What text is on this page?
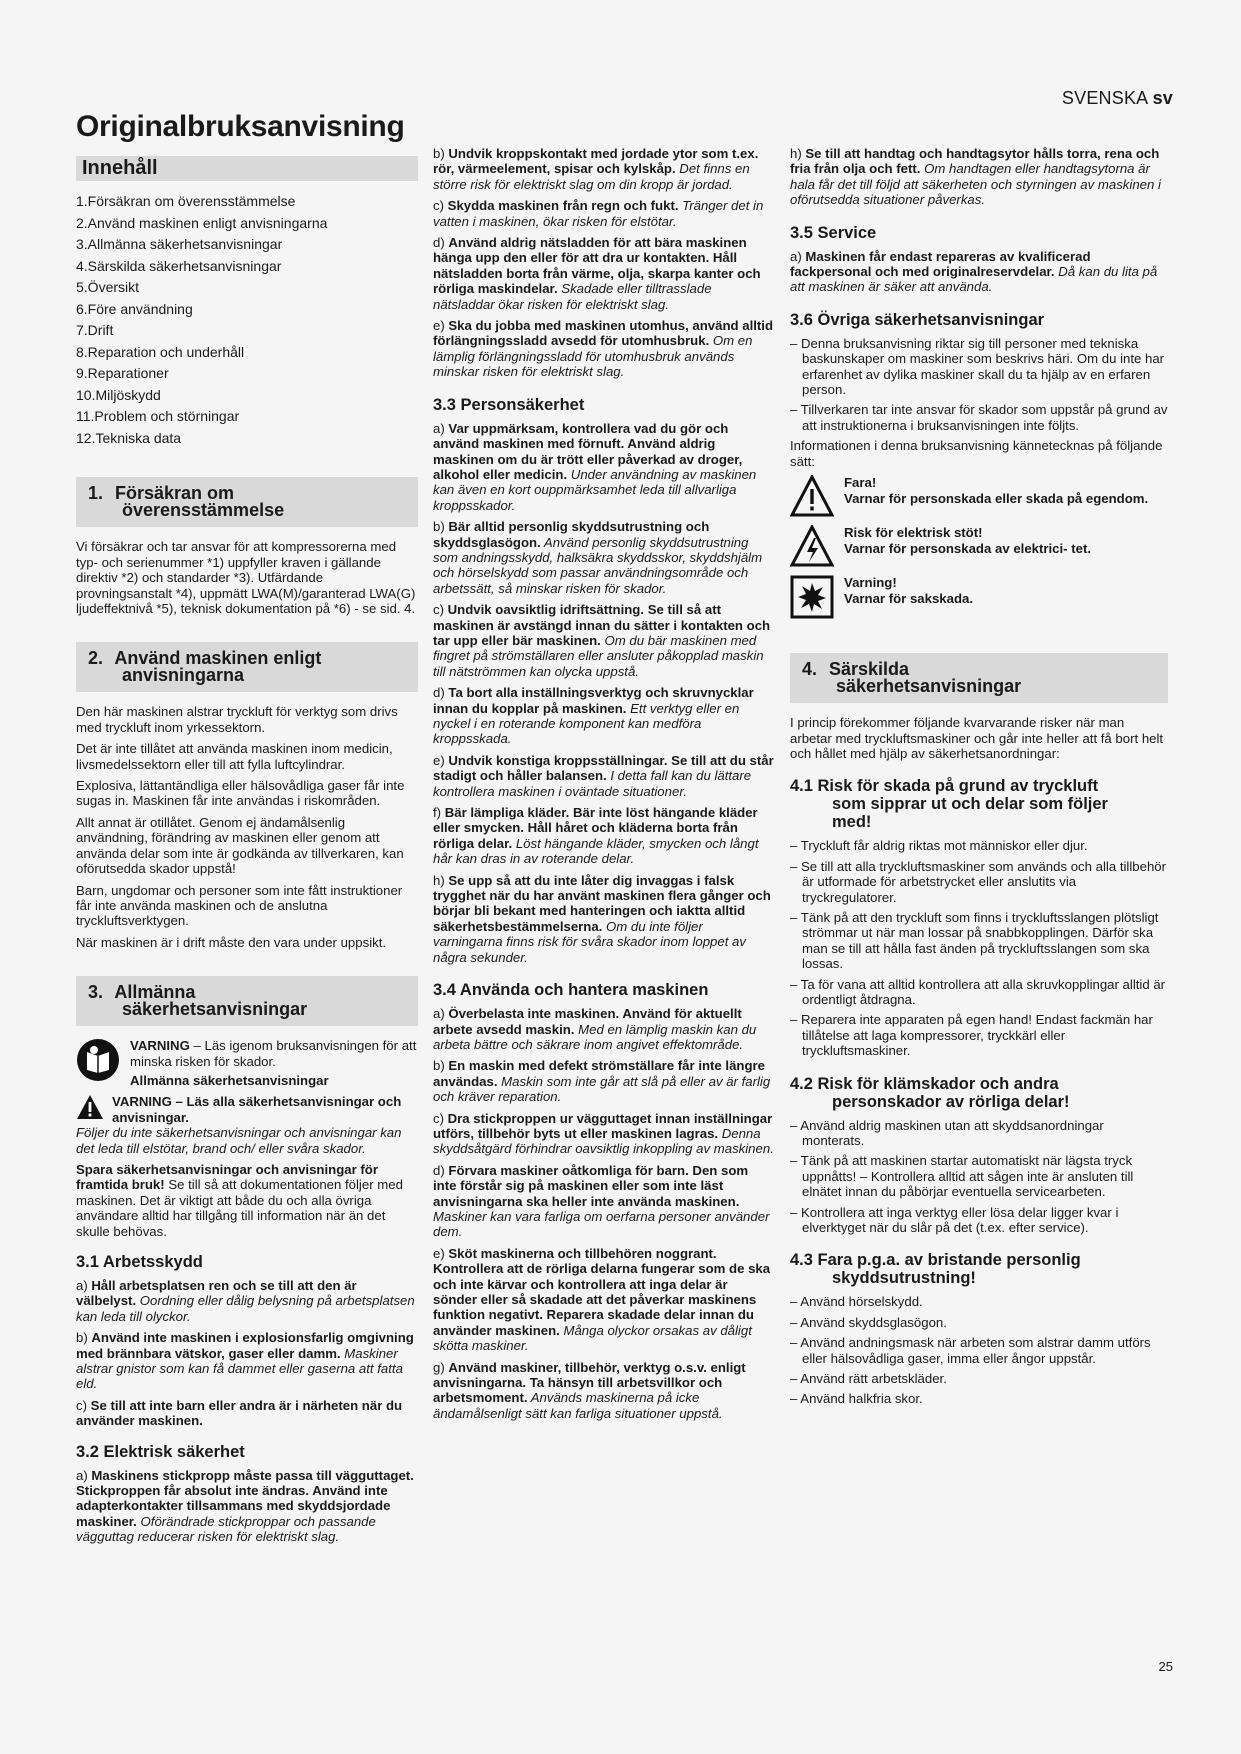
SVENSKA sv
Originalbruksanvisning
Innehåll
1.Försäkran om överensstämmelse
2.Använd maskinen enligt anvisningarna
3.Allmänna säkerhetsanvisningar
4.Särskilda säkerhetsanvisningar
5.Översikt
6.Före användning
7.Drift
8.Reparation och underhåll
9.Reparationer
10.Miljöskydd
11.Problem och störningar
12.Tekniska data
1. Försäkran om
överensstämmelse
Vi försäkrar och tar ansvar för att kompressorerna med typ- och serienummer *1) uppfyller kraven i gällande direktiv *2) och standarder *3). Utfärdande provningsanstalt *4), uppmätt LWA(M)/garanterad LWA(G) ljudeffektnivå *5), teknisk dokumentation på *6) - se sid. 4.
2. Använd maskinen enligt
anvisningarna
Den här maskinen alstrar tryckluft för verktyg som drivs med tryckluft inom yrkessektorn.
Det är inte tillåtet att använda maskinen inom medicin, livsmedelssektorn eller till att fylla luftcylindrar.
Explosiva, lättantändliga eller hälsovådliga gaser får inte sugas in. Maskinen får inte användas i riskområden.
Allt annat är otillåtet. Genom ej ändamålsenlig användning, förändring av maskinen eller genom att använda delar som inte är godkända av tillverkaren, kan oförutsedda skador uppstå!
Barn, ungdomar och personer som inte fått instruktioner får inte använda maskinen och de anslutna tryckluftsverktygen.
När maskinen är i drift måste den vara under uppsikt.
3. Allmänna
säkerhetsanvisningar
VARNING – Läs igenom bruksanvisningen för att minska risken för skador.
Allmänna säkerhetsanvisningar
VARNING – Läs alla säkerhetsanvisningar och anvisningar.
Följer du inte säkerhetsanvisningar och anvisningar kan det leda till elstötar, brand och/ eller svåra skador.
Spara säkerhetsanvisningar och anvisningar för framtida bruk! Se till så att dokumentationen följer med maskinen. Det är viktigt att både du och alla övriga användare alltid har tillgång till information när än det skulle behövas.
3.1 Arbetsskydd
a) Håll arbetsplatsen ren och se till att den är välbelyst. Oordning eller dålig belysning på arbetsplatsen kan leda till olyckor.
b) Använd inte maskinen i explosionsfarlig omgivning med brännbara vätskor, gaser eller damm. Maskiner alstrar gnistor som kan få dammet eller gaserna att fatta eld.
c) Se till att inte barn eller andra är i närheten när du använder maskinen.
3.2 Elektrisk säkerhet
a) Maskinens stickpropp måste passa till vägguttaget. Stickproppen får absolut inte ändras. Använd inte adapterkontakter tillsammans med skyddsjordade maskiner. Oförändrade stickproppar och passande vägguttag reducerar risken för elektriskt slag.
b) Undvik kroppskontakt med jordade ytor som t.ex. rör, värmeelement, spisar och kylskåp. Det finns en större risk för elektriskt slag om din kropp är jordad.
c) Skydda maskinen från regn och fukt. Tränger det in vatten i maskinen, ökar risken för elstötar.
d) Använd aldrig nätsladden för att bära maskinen hänga upp den eller för att dra ur kontakten. Håll nätsladden borta från värme, olja, skarpa kanter och rörliga maskindelar. Skadade eller tilltrasslade nätsladdar ökar risken för elektriskt slag.
e) Ska du jobba med maskinen utomhus, använd alltid förlängningssladd avsedd för utomhusbruk. Om en lämplig förlängningssladd för utomhusbruk används minskar risken för elektriskt slag.
3.3 Personsäkerhet
a) Var uppmärksam, kontrollera vad du gör och använd maskinen med förnuft. Använd aldrig maskinen om du är trött eller påverkad av droger, alkohol eller medicin. Under användning av maskinen kan även en kort ouppmärksamhet leda till allvarliga kroppsskador.
b) Bär alltid personlig skyddsutrustning och skyddsglasögon. Använd personlig skyddsutrustning som andningsskydd, halksäkra skyddsskor, skyddshjälm och hörselskydd som passar användningsområde och arbetssätt, så minskar risken för skador.
c) Undvik oavsiktlig idriftsättning. Se till så att maskinen är avstängd innan du sätter i kontakten och tar upp eller bär maskinen. Om du bär maskinen med fingret på strömställaren eller ansluter påkopplad maskin till nätströmmen kan olycka uppstå.
d) Ta bort alla inställningsverktyg och skruvnycklar innan du kopplar på maskinen. Ett verktyg eller en nyckel i en roterande komponent kan medföra kroppsskada.
e) Undvik konstiga kroppsställningar. Se till att du står stadigt och håller balansen. I detta fall kan du lättare kontrollera maskinen i oväntade situationer.
f) Bär lämpliga kläder. Bär inte löst hängande kläder eller smycken. Håll håret och kläderna borta från rörliga delar. Löst hängande kläder, smycken och långt hår kan dras in av roterande delar.
h) Se upp så att du inte låter dig invaggas i falsk trygghet när du har använt maskinen flera gånger och börjar bli bekant med hanteringen och iaktta alltid säkerhetsbestämmelserna. Om du inte följer varningarna finns risk för svåra skador inom loppet av några sekunder.
3.4 Använda och hantera maskinen
a) Överbelasta inte maskinen. Använd för aktuellt arbete avsedd maskin. Med en lämplig maskin kan du arbeta bättre och säkrare inom angivet effektområde.
b) En maskin med defekt strömställare får inte längre användas. Maskin som inte går att slå på eller av är farlig och kräver reparation.
c) Dra stickproppen ur vägguttaget innan inställningar utförs, tillbehör byts ut eller maskinen lagras. Denna skyddsåtgärd förhindrar oavsiktlig inkoppling av maskinen.
d) Förvara maskiner oåtkomliga för barn. Den som inte förstår sig på maskinen eller som inte läst anvisningarna ska heller inte använda maskinen. Maskiner kan vara farliga om oerfarna personer använder dem.
e) Sköt maskinerna och tillbehören noggrant. Kontrollera att de rörliga delarna fungerar som de ska och inte kärvar och kontrollera att inga delar är sönder eller så skadade att det påverkar maskinens funktion negativt. Reparera skadade delar innan du använder maskinen. Många olyckor orsakas av dåligt skötta maskiner.
g) Använd maskiner, tillbehör, verktyg o.s.v. enligt anvisningarna. Ta hänsyn till arbetsvillkor och arbetsmoment. Används maskinerna på icke ändamålsenligt sätt kan farliga situationer uppstå.
h) Se till att handtag och handtagsytor hålls torra, rena och fria från olja och fett. Om handtagen eller handtagsytorna är hala får det till följd att säkerheten och styrningen av maskinen i oförutsedda situationer påverkas.
3.5 Service
a) Maskinen får endast repareras av kvalificerad fackpersonal och med originalreservdelar. Då kan du lita på att maskinen är säker att använda.
3.6 Övriga säkerhetsanvisningar
– Denna bruksanvisning riktar sig till personer med tekniska baskunskaper om maskiner som beskrivs häri. Om du inte har erfarenhet av dylika maskiner skall du ta hjälp av en erfaren person.
– Tillverkaren tar inte ansvar för skador som uppstår på grund av att instruktionerna i bruksanvisningen inte följts.
Informationen i denna bruksanvisning kännetecknas på följande sätt:
Fara!
Varnar för personskada eller skada på egendom.
Risk för elektrisk stöt!
Varnar för personskada av elektrici- tet.
Varning!
Varnar för sakskada.
4. Särskilda
säkerhetsanvisningar
I princip förekommer följande kvarvarande risker när man arbetar med tryckluftsmaskiner och går inte heller att få bort helt och hållet med hjälp av säkerhetsanordningar:
4.1 Risk för skada på grund av tryckluft
som sipprar ut och delar som följer
med!
– Tryckluft får aldrig riktas mot människor eller djur.
– Se till att alla tryckluftsmaskiner som används och alla tillbehör är utformade för arbetstrycket eller anslutits via tryckregulatorer.
– Tänk på att den tryckluft som finns i tryckluftsslangen plötsligt strömmar ut när man lossar på snabbkopplingen. Därför ska man se till att hålla fast änden på tryckluftsslangen som ska lossas.
– Ta för vana att alltid kontrollera att alla skruvkopplingar alltid är ordentligt åtdragna.
– Reparera inte apparaten på egen hand! Endast fackmän har tillåtelse att laga kompressorer, tryckkärl eller tryckluftsmaskiner.
4.2 Risk för klämskador och andra
personskador av rörliga delar!
– Använd aldrig maskinen utan att skyddsanordningar monterats.
– Tänk på att maskinen startar automatiskt när lägsta tryck uppnåtts! – Kontrollera alltid att sågen inte är ansluten till elnätet innan du påbörjar eventuella servicearbeten.
– Kontrollera att inga verktyg eller lösa delar ligger kvar i elverktyget när du slår på det (t.ex. efter service).
4.3 Fara p.g.a. av bristande personlig
skyddsutrustning!
– Använd hörselskydd.
– Använd skyddsglasögon.
– Använd andningsmask när arbeten som alstrar damm utförs eller hälsovådliga gaser, imma eller ångor uppstår.
– Använd rätt arbetskläder.
– Använd halkfria skor.
25
